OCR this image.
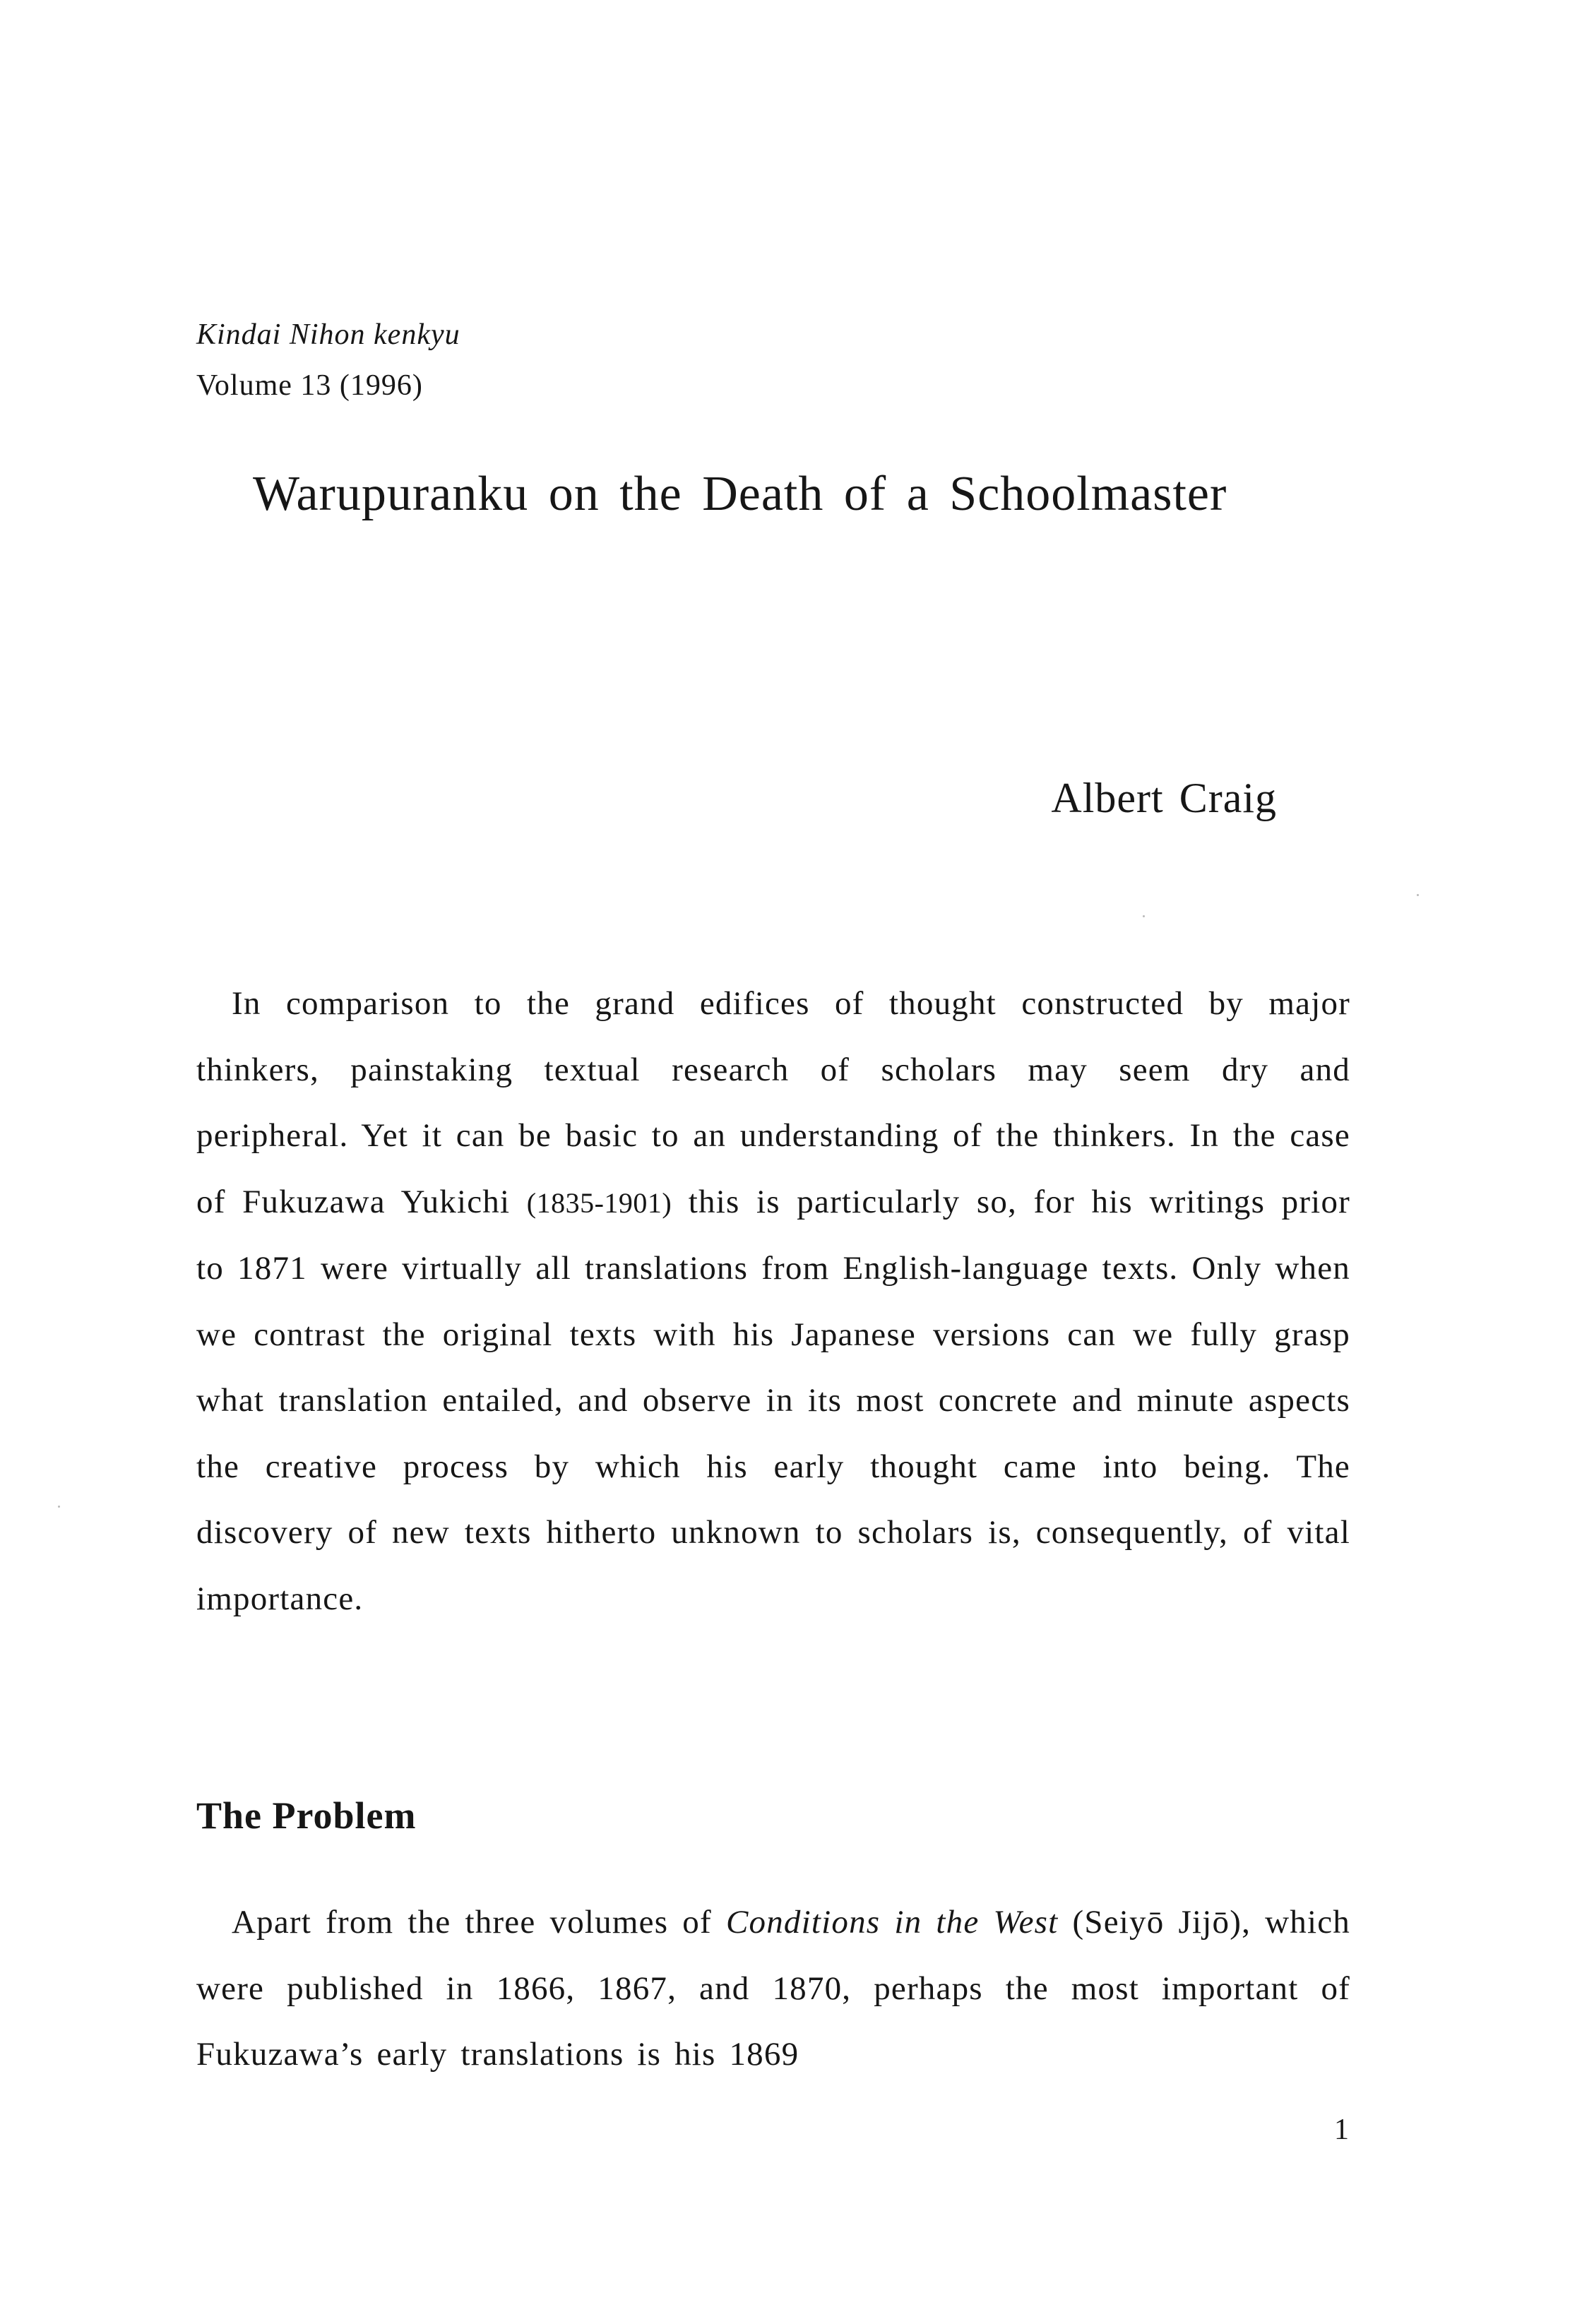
Kindai Nihon kenkyu
Volume 13 (1996)
Warupuranku on the Death of a Schoolmaster
Albert Craig

In comparison to the grand edifices of thought constructed by major thinkers, painstaking textual research of scholars may seem dry and peripheral. Yet it can be basic to an understanding of the thinkers. In the case of Fukuzawa Yukichi (1835-1901) this is particularly so, for his writings prior to 1871 were virtually all translations from English-language texts. Only when we contrast the original texts with his Japanese versions can we fully grasp what translation entailed, and observe in its most concrete and minute aspects the creative process by which his early thought came into being. The discovery of new texts hitherto unknown to scholars is, consequently, of vital importance.

The Problem

Apart from the three volumes of Conditions in the West (Seiyō Jijō), which were published in 1866, 1867, and 1870, perhaps the most important of Fukuzawa’s early translations is his 1869

1
